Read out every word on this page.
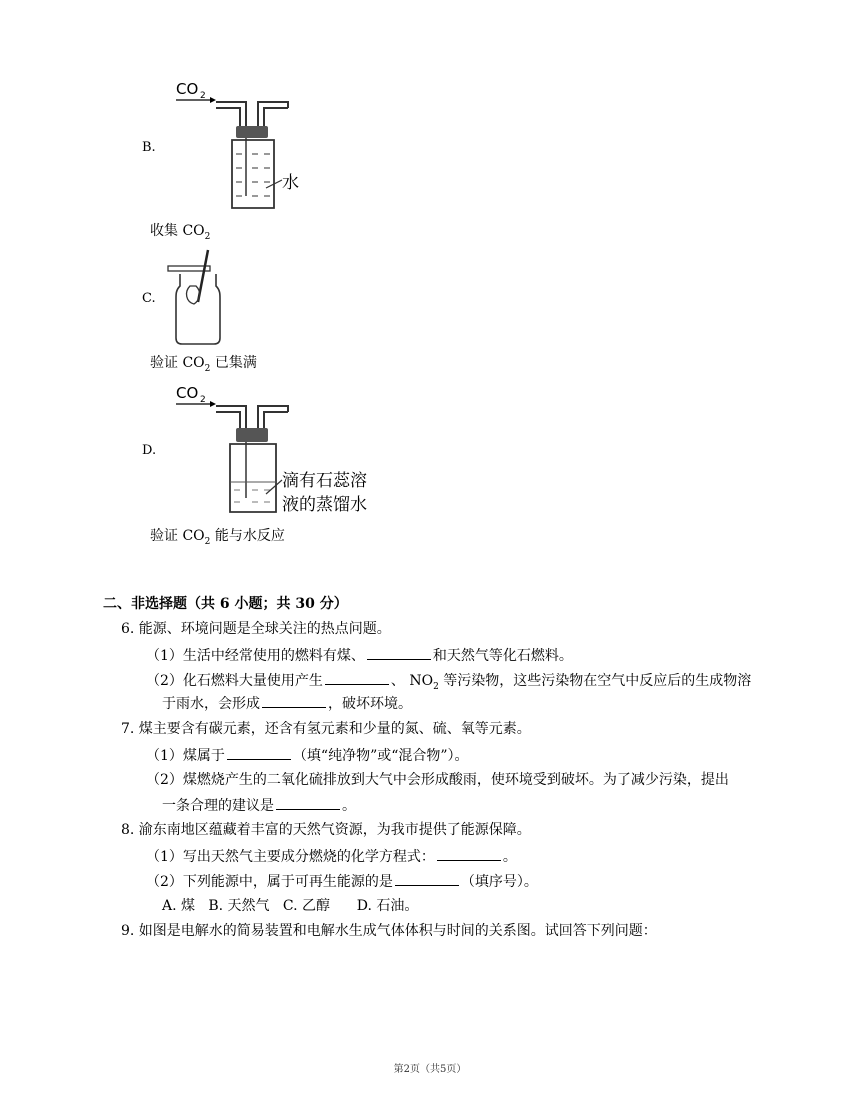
B.
CO 2
水
收集 $CO_2$
C.
验证 $CO_2$ 已集满
D.
CO 2
滴有石蕊溶
液的蒸馏水
验证 $CO_2$ 能与水反应
二、非选择题（共 6 小题；共 30 分）
6. 能源、环境问题是全球关注的热点问题。
（1）生活中经常使用的燃料有煤、	和天然气等化石燃料。
（2）化石燃料大量使用产生	、 $NO_2$ 等污染物，这些污染物在空气中反应后的生成物溶
于雨水，会形成	，破坏环境。
7. 煤主要含有碳元素，还含有氢元素和少量的氮、硫、氧等元素。
（1）煤属于	（填“纯净物”或“混合物”）。
（2）煤燃烧产生的二氧化硫排放到大气中会形成酸雨，使环境受到破坏。为了减少污染，提出
一条合理的建议是	。
8. 渝东南地区蕴藏着丰富的天然气资源，为我市提供了能源保障。
（1）写出天然气主要成分燃烧的化学方程式：	。
（2）下列能源中，属于可再生能源的是	（填序号）。
A. 煤   B. 天然气   C. 乙醇      D. 石油。
9. 如图是电解水的简易装置和电解水生成气体体积与时间的关系图。试回答下列问题：
第2页（共5页）
